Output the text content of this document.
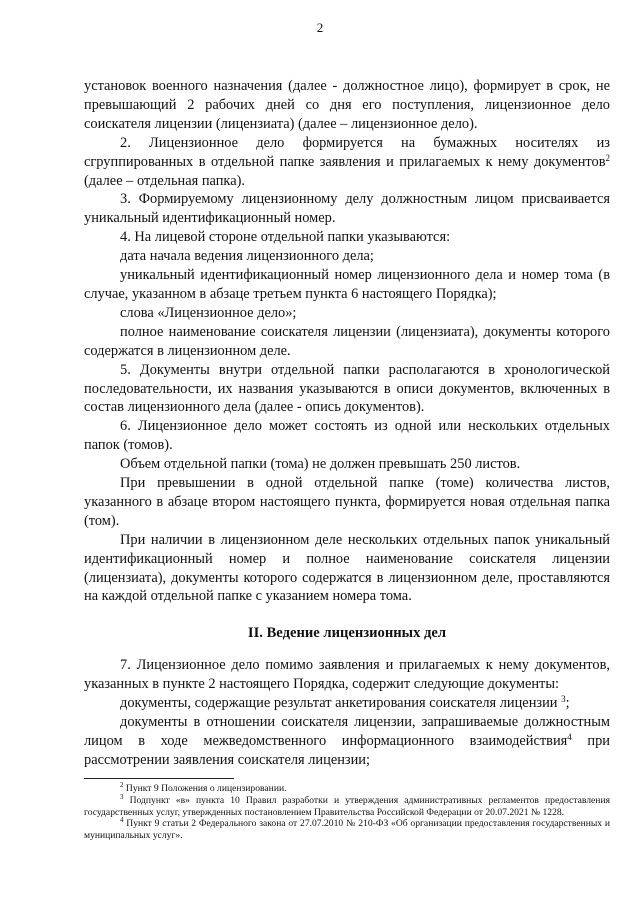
2

установок военного назначения (далее - должностное лицо), формирует в срок, не превышающий 2 рабочих дней со дня его поступления, лицензионное дело соискателя лицензии (лицензиата) (далее – лицензионное дело).

2. Лицензионное дело формируется на бумажных носителях из сгруппированных в отдельной папке заявления и прилагаемых к нему документов$^2$ (далее – отдельная папка).

3. Формируемому лицензионному делу должностным лицом присваивается уникальный идентификационный номер.

4. На лицевой стороне отдельной папки указываются:

дата начала ведения лицензионного дела;

уникальный идентификационный номер лицензионного дела и номер тома (в случае, указанном в абзаце третьем пункта 6 настоящего Порядка);

слова «Лицензионное дело»;

полное наименование соискателя лицензии (лицензиата), документы которого содержатся в лицензионном деле.

5. Документы внутри отдельной папки располагаются в хронологической последовательности, их названия указываются в описи документов, включенных в состав лицензионного дела (далее - опись документов).

6. Лицензионное дело может состоять из одной или нескольких отдельных папок (томов).

Объем отдельной папки (тома) не должен превышать 250 листов.

При превышении в одной отдельной папке (томе) количества листов, указанного в абзаце втором настоящего пункта, формируется новая отдельная папка (том).

При наличии в лицензионном деле нескольких отдельных папок уникальный идентификационный номер и полное наименование соискателя лицензии (лицензиата), документы которого содержатся в лицензионном деле, проставляются на каждой отдельной папке с указанием номера тома.

II. Ведение лицензионных дел

7. Лицензионное дело помимо заявления и прилагаемых к нему документов, указанных в пункте 2 настоящего Порядка, содержит следующие документы:

документы, содержащие результат анкетирования соискателя лицензии $^3$;

документы в отношении соискателя лицензии, запрашиваемые должностным лицом в ходе межведомственного информационного взаимодействия$^4$ при рассмотрении заявления соискателя лицензии;

$^2$ Пункт 9 Положения о лицензировании.

$^3$ Подпункт «в» пункта 10 Правил разработки и утверждения административных регламентов предоставления государственных услуг, утвержденных постановлением Правительства Российской Федерации от 20.07.2021 № 1228.

$^4$ Пункт 9 статьи 2 Федерального закона от 27.07.2010 № 210-ФЗ «Об организации предоставления государственных и муниципальных услуг».
